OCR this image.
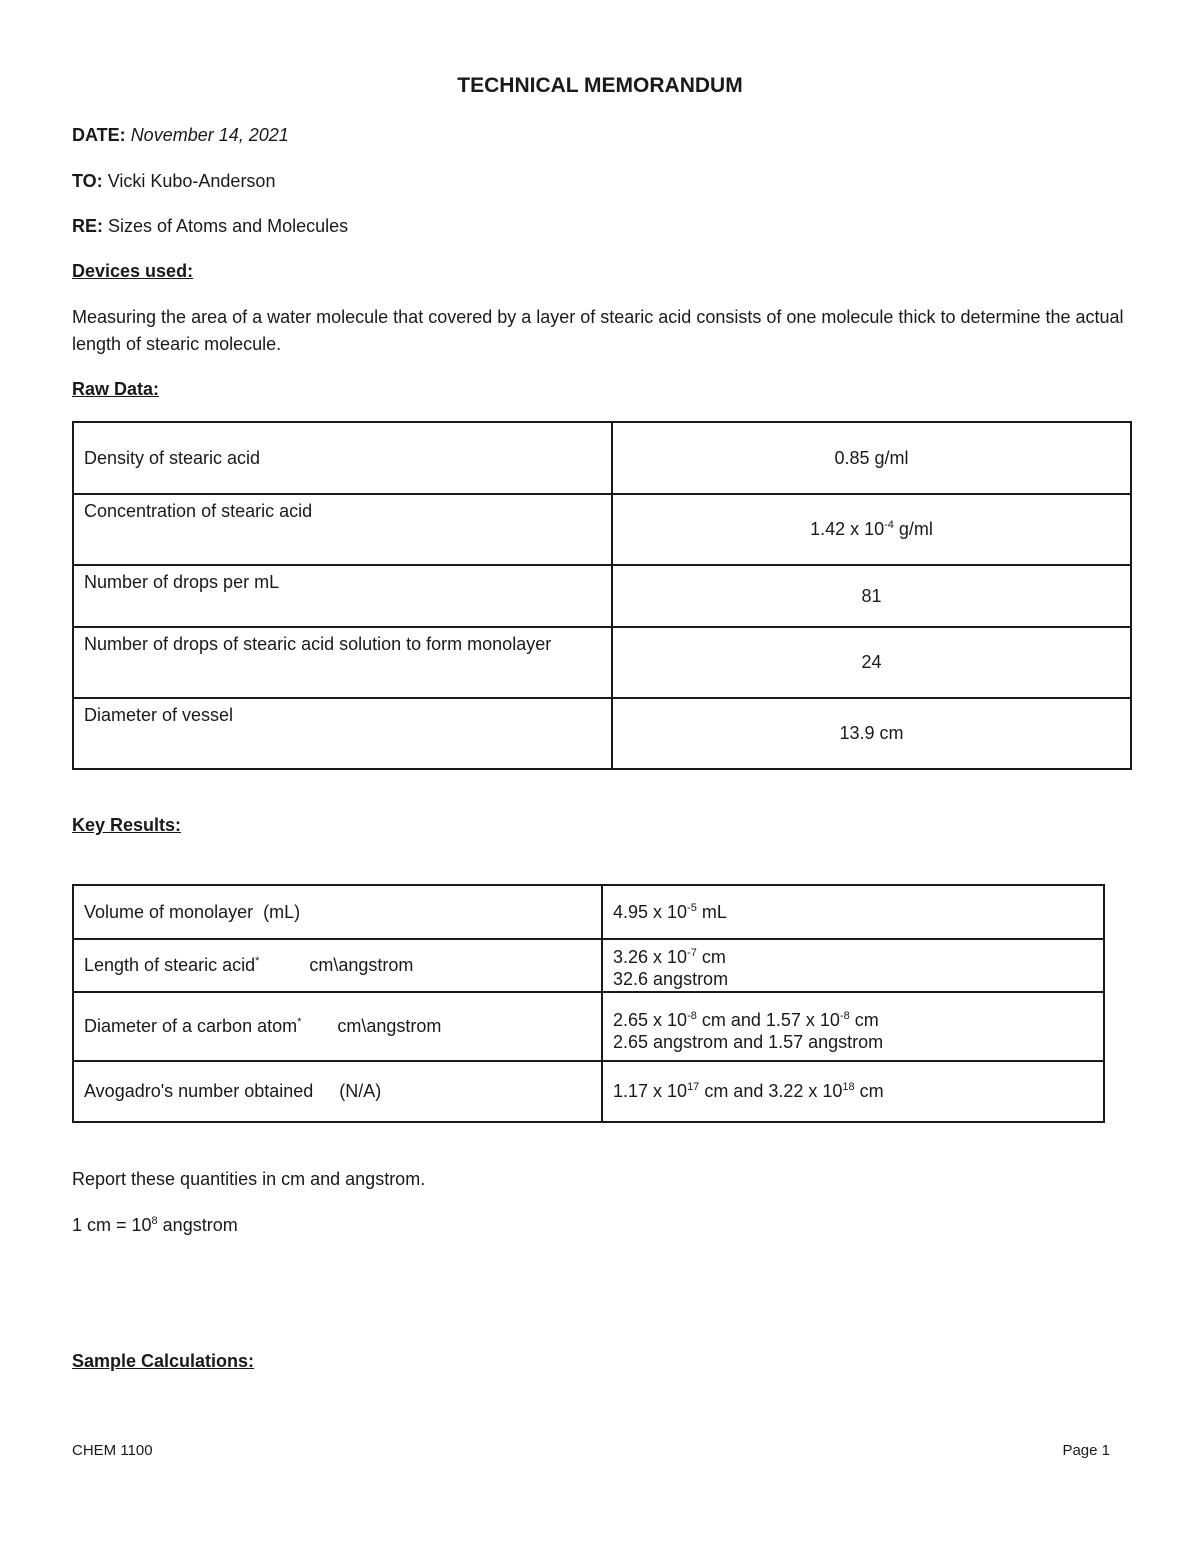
TECHNICAL MEMORANDUM
DATE: November 14, 2021
TO: Vicki Kubo-Anderson
RE: Sizes of Atoms and Molecules
Devices used:
Measuring the area of a water molecule that covered by a layer of stearic acid consists of one molecule thick to determine the actual length of stearic molecule.
Raw Data:
Density of stearic acid	0.85 g/ml
Concentration of stearic acid	1.42 x $10^{-4}$ g/ml
Number of drops per mL	81
Number of drops of stearic acid solution to form monolayer	24
Diameter of vessel	13.9 cm
Key Results:
Volume of monolayer (mL)	4.95 x $10^{-5}$ mL
Length of stearic acid* cm\angstrom	3.26 x $10^{-7}$ cm
32.6 angstrom

Diameter of a carbon atom* cm\angstrom	2.65 x $10^{-8}$ cm and 1.57 x $10^{-8}$ cm
2.65 angstrom and 1.57 angstrom

Avogadro's number obtained (N/A)	1.17 x $10^{17}$ cm and 3.22 x $10^{18}$ cm
Report these quantities in cm and angstrom.
1 cm = $10^8$ angstrom
Sample Calculations:
CHEM 1100	Page 1
